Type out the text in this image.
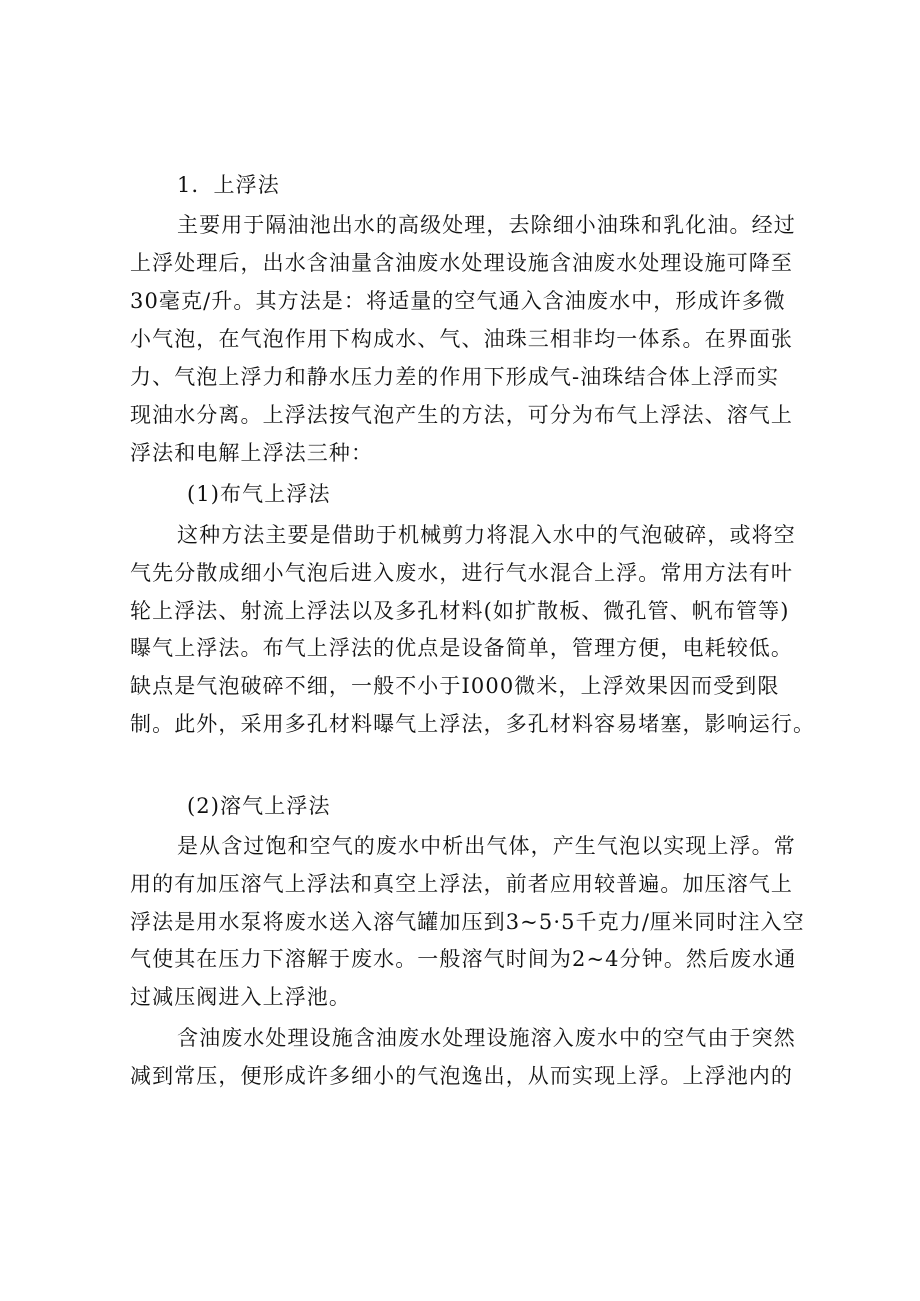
1．上浮法
主要用于隔油池出水的高级处理，去除细小油珠和乳化油。经过
上浮处理后，出水含油量含油废水处理设施含油废水处理设施可降至
30毫克/升。其方法是：将适量的空气通入含油废水中，形成许多微
小气泡，在气泡作用下构成水、气、油珠三相非均一体系。在界面张
力、气泡上浮力和静水压力差的作用下形成气-油珠结合体上浮而实
现油水分离。上浮法按气泡产生的方法，可分为布气上浮法、溶气上
浮法和电解上浮法三种：
(1)布气上浮法
这种方法主要是借助于机械剪力将混入水中的气泡破碎，或将空
气先分散成细小气泡后进入废水，进行气水混合上浮。常用方法有叶
轮上浮法、射流上浮法以及多孔材料(如扩散板、微孔管、帆布管等)
曝气上浮法。布气上浮法的优点是设备简单，管理方便，电耗较低。
缺点是气泡破碎不细，一般不小于I000微米，上浮效果因而受到限
制。此外，采用多孔材料曝气上浮法，多孔材料容易堵塞，影响运行。
(2)溶气上浮法
是从含过饱和空气的废水中析出气体，产生气泡以实现上浮。常
用的有加压溶气上浮法和真空上浮法，前者应用较普遍。加压溶气上
浮法是用水泵将废水送入溶气罐加压到3~5·5千克力/厘米同时注入空
气使其在压力下溶解于废水。一般溶气时间为2~4分钟。然后废水通
过减压阀进入上浮池。
含油废水处理设施含油废水处理设施溶入废水中的空气由于突然
减到常压，便形成许多细小的气泡逸出，从而实现上浮。上浮池内的
